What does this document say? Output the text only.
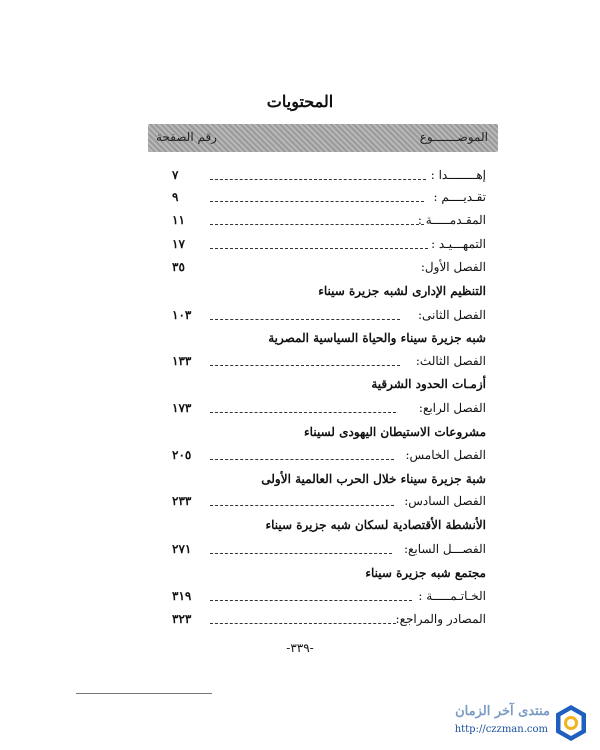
المحتويات
الموضـــــــوع
رقم الصفحة
٧	إهــــــــدا :
٩	تقـديــــم :
١١	المقـدمـــــة :
١٧	التمهـــيـد :
٣٥	الفصل الأول:
التنظيم الإدارى لشبه جزيرة سيناء
١٠٣	الفصل الثانى:
شبه جزيرة سيناء والحياة السياسية المصرية
١٣٣	الفصل الثالث:
أزمـات الحدود الشرقية
١٧٣	الفصل الرابع:
مشروعات الاستيطان اليهودى لسيناء
٢٠٥	الفصل الخامس:
شبة جزيرة سيناء خلال الحرب العالمية الأولى
٢٣٣	الفصل السادس:
الأنشطة الأقتصادية لسكان شبه جزيرة سيناء
٢٧١	الفصـــل السابع:
مجتمع شبه جزيرة سيناء
٣١٩	الخـاتـمـــــة :
٣٢٣	المصادر والمراجع:
-٣٣٩-
منتدى آخر الزمان
http://czzman.com
